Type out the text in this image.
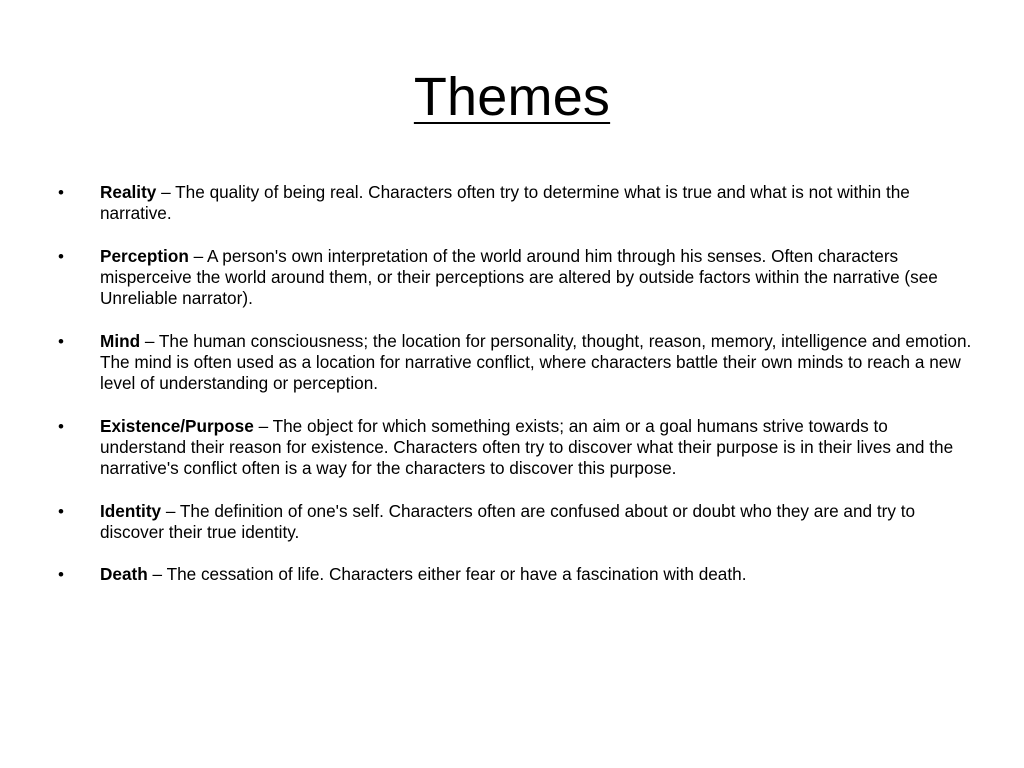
Themes
•	Reality – The quality of being real. Characters often try to determine what is true and what is not within the narrative.
•	Perception – A person's own interpretation of the world around him through his senses. Often characters misperceive the world around them, or their perceptions are altered by outside factors within the narrative (see Unreliable narrator).
•	Mind – The human consciousness; the location for personality, thought, reason, memory, intelligence and emotion. The mind is often used as a location for narrative conflict, where characters battle their own minds to reach a new level of understanding or perception.
•	Existence/Purpose – The object for which something exists; an aim or a goal humans strive towards to understand their reason for existence. Characters often try to discover what their purpose is in their lives and the narrative's conflict often is a way for the characters to discover this purpose.
•	Identity – The definition of one's self. Characters often are confused about or doubt who they are and try to discover their true identity.
•	Death – The cessation of life. Characters either fear or have a fascination with death.
